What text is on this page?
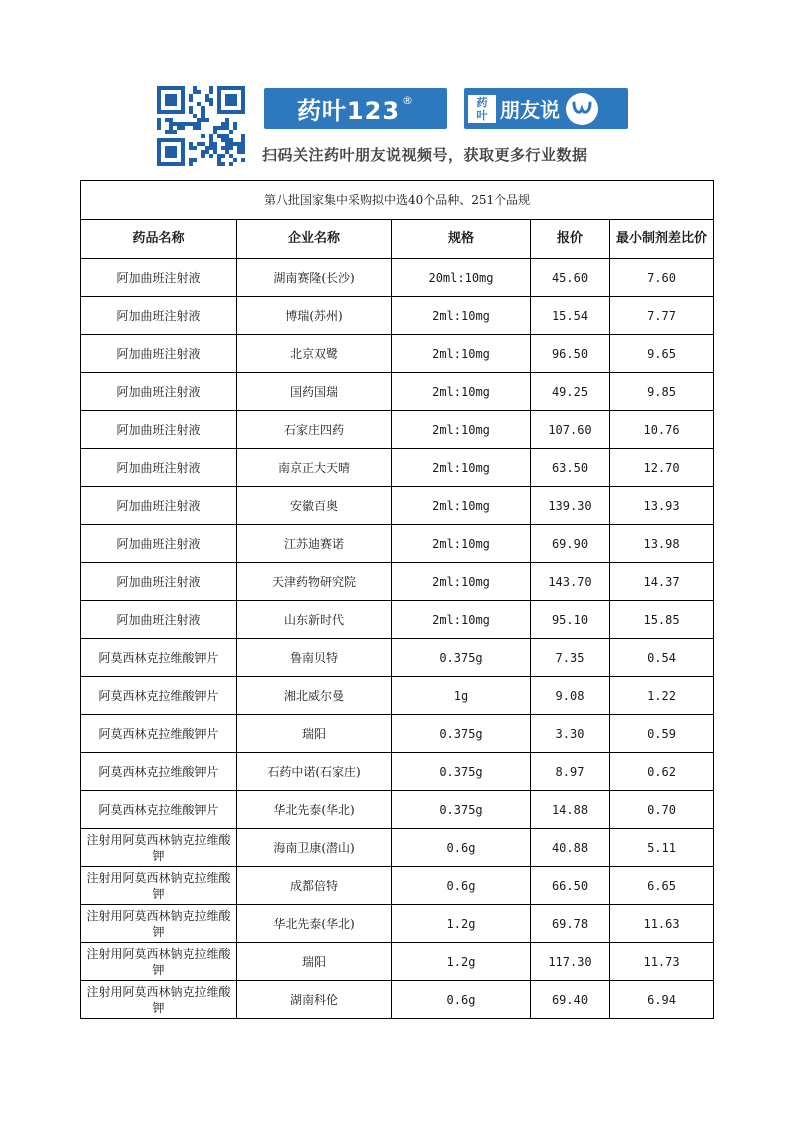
药叶123®	药
叶 朋友说
扫码关注药叶朋友说视频号，获取更多行业数据
第八批国家集中采购拟中选40个品种、251个品规				
药品名称	企业名称	规格	报价	最小制剂差比价
阿加曲班注射液	湖南赛隆(长沙)	20ml:10mg	45.60	7.60
阿加曲班注射液	博瑞(苏州)	2ml:10mg	15.54	7.77
阿加曲班注射液	北京双鹭	2ml:10mg	96.50	9.65
阿加曲班注射液	国药国瑞	2ml:10mg	49.25	9.85
阿加曲班注射液	石家庄四药	2ml:10mg	107.60	10.76
阿加曲班注射液	南京正大天晴	2ml:10mg	63.50	12.70
阿加曲班注射液	安徽百奥	2ml:10mg	139.30	13.93
阿加曲班注射液	江苏迪赛诺	2ml:10mg	69.90	13.98
阿加曲班注射液	天津药物研究院	2ml:10mg	143.70	14.37
阿加曲班注射液	山东新时代	2ml:10mg	95.10	15.85
阿莫西林克拉维酸钾片	鲁南贝特	0.375g	7.35	0.54
阿莫西林克拉维酸钾片	湘北威尔曼	1g	9.08	1.22
阿莫西林克拉维酸钾片	瑞阳	0.375g	3.30	0.59
阿莫西林克拉维酸钾片	石药中诺(石家庄)	0.375g	8.97	0.62
阿莫西林克拉维酸钾片	华北先泰(华北)	0.375g	14.88	0.70
注射用阿莫西林钠克拉维酸钾	海南卫康(潜山)	0.6g	40.88	5.11
注射用阿莫西林钠克拉维酸钾	成都倍特	0.6g	66.50	6.65
注射用阿莫西林钠克拉维酸钾	华北先泰(华北)	1.2g	69.78	11.63
注射用阿莫西林钠克拉维酸钾	瑞阳	1.2g	117.30	11.73
注射用阿莫西林钠克拉维酸钾	湖南科伦	0.6g	69.40	6.94
